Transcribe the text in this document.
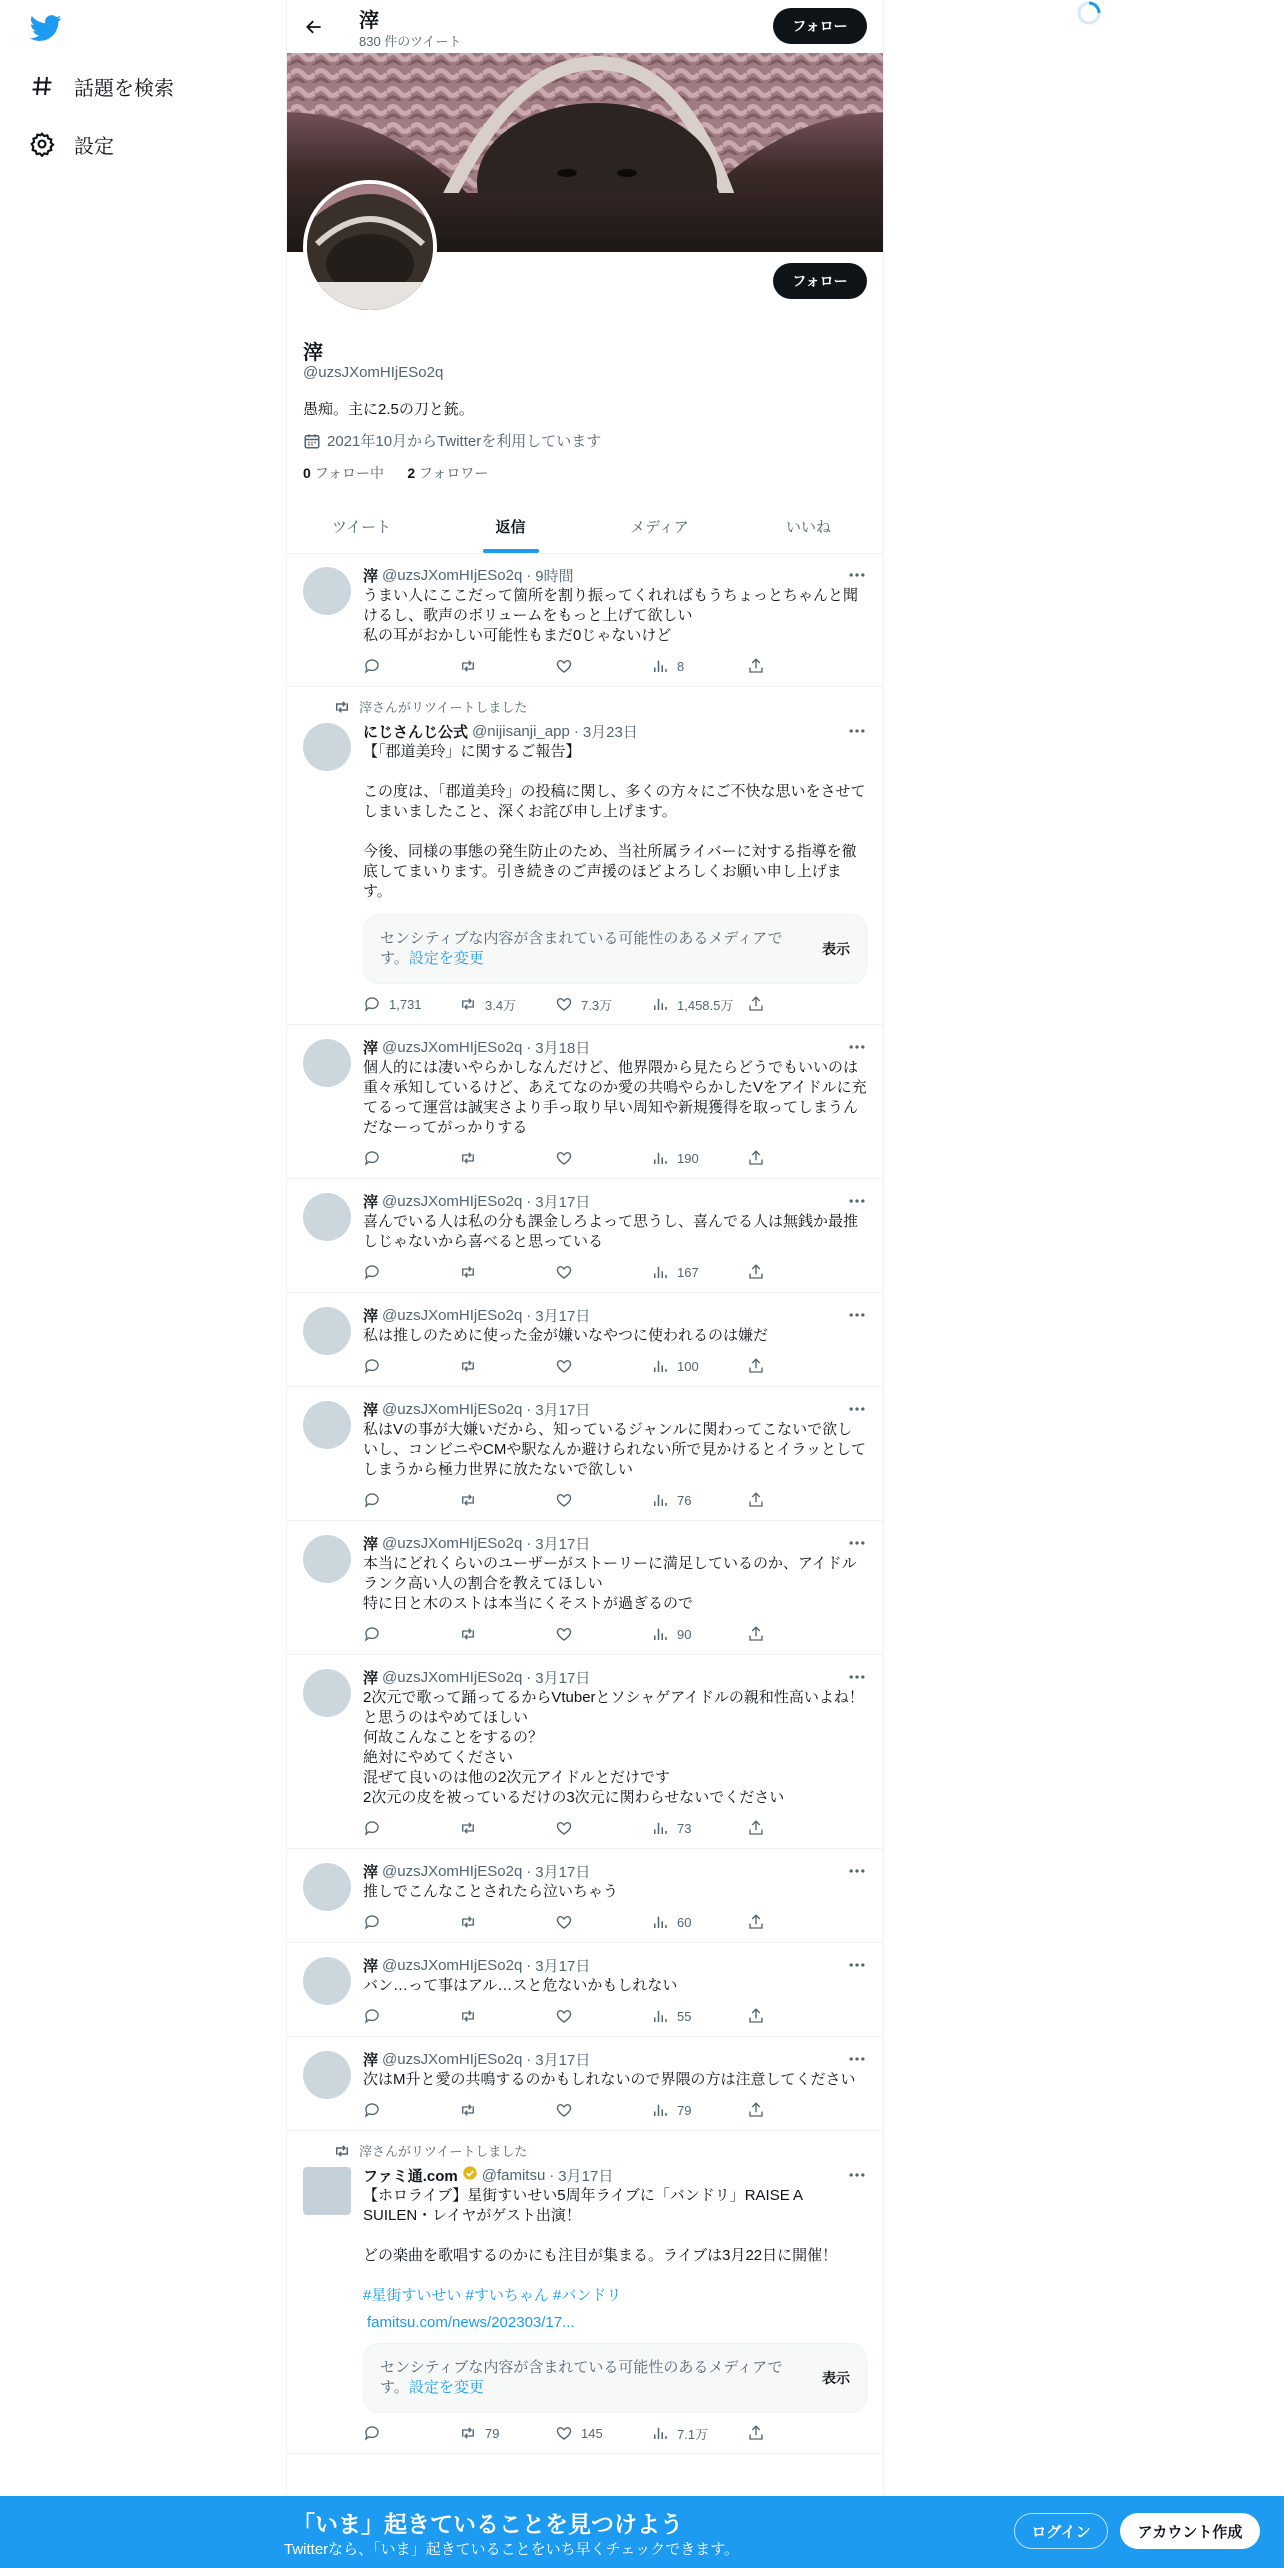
話題を検索
設定
滓
830 件のツイート
フォロー
フォロー
滓
@uzsJXomHIjESo2q
愚痴。主に2.5の刀と銃。
2021年10月からTwitterを利用しています
0 フォロー中 2 フォロワー
ツイート	返信	メディア	いいね
滓 @uzsJXomHIjESo2q · 9時間
うまい人にここだって箇所を割り振ってくれればもうちょっとちゃんと聞けるし、歌声のボリュームをもっと上げて欲しい
私の耳がおかしい可能性もまだ0じゃないけど
8
滓さんがリツイートしました
にじさんじ公式 @nijisanji_app · 3月23日
【「郡道美玲」に関するご報告】

この度は、「郡道美玲」の投稿に関し、多くの方々にご不快な思いをさせてしまいましたこと、深くお詫び申し上げます。

今後、同様の事態の発生防止のため、当社所属ライバーに対する指導を徹底してまいります。引き続きのご声援のほどよろしくお願い申し上げます。
センシティブな内容が含まれている可能性のあるメディアです。設定を変更
表示
1,731	3.4万	7.3万	1,458.5万
滓 @uzsJXomHIjESo2q · 3月18日
個人的には凄いやらかしなんだけど、他界隈から見たらどうでもいいのは重々承知しているけど、あえてなのか愛の共鳴やらかしたVをアイドルに充てるって運営は誠実さより手っ取り早い周知や新規獲得を取ってしまうんだなーってがっかりする
190
滓 @uzsJXomHIjESo2q · 3月17日
喜んでいる人は私の分も課金しろよって思うし、喜んでる人は無銭か最推しじゃないから喜べると思っている
167
滓 @uzsJXomHIjESo2q · 3月17日
私は推しのために使った金が嫌いなやつに使われるのは嫌だ
100
滓 @uzsJXomHIjESo2q · 3月17日
私はVの事が大嫌いだから、知っているジャンルに関わってこないで欲しいし、コンビニやCMや駅なんか避けられない所で見かけるとイラッとしてしまうから極力世界に放たないで欲しい
76
滓 @uzsJXomHIjESo2q · 3月17日
本当にどれくらいのユーザーがストーリーに満足しているのか、アイドルランク高い人の割合を教えてほしい
特に日と木のストは本当にくそストが過ぎるので
90
滓 @uzsJXomHIjESo2q · 3月17日
2次元で歌って踊ってるからVtuberとソシャゲアイドルの親和性高いよね！と思うのはやめてほしい
何故こんなことをするの？
絶対にやめてください
混ぜて良いのは他の2次元アイドルとだけです
2次元の皮を被っているだけの3次元に関わらせないでください
73
滓 @uzsJXomHIjESo2q · 3月17日
推しでこんなことされたら泣いちゃう
60
滓 @uzsJXomHIjESo2q · 3月17日
バン…って事はアル…スと危ないかもしれない
55
滓 @uzsJXomHIjESo2q · 3月17日
次はM升と愛の共鳴するのかもしれないので界隈の方は注意してください
79
滓さんがリツイートしました
ファミ通.com @famitsu · 3月17日
【ホロライブ】星街すいせい5周年ライブに「バンドリ」RAISE A SUILEN・レイヤがゲスト出演！

どの楽曲を歌唱するのかにも注目が集まる。ライブは3月22日に開催！
#星街すいせい #すいちゃん #バンドリ
famitsu.com/news/202303/17...
センシティブな内容が含まれている可能性のあるメディアです。設定を変更
表示
79	145	7.1万
「いま」起きていることを見つけよう
Twitterなら、「いま」起きていることをいち早くチェックできます。
ログイン	アカウント作成
